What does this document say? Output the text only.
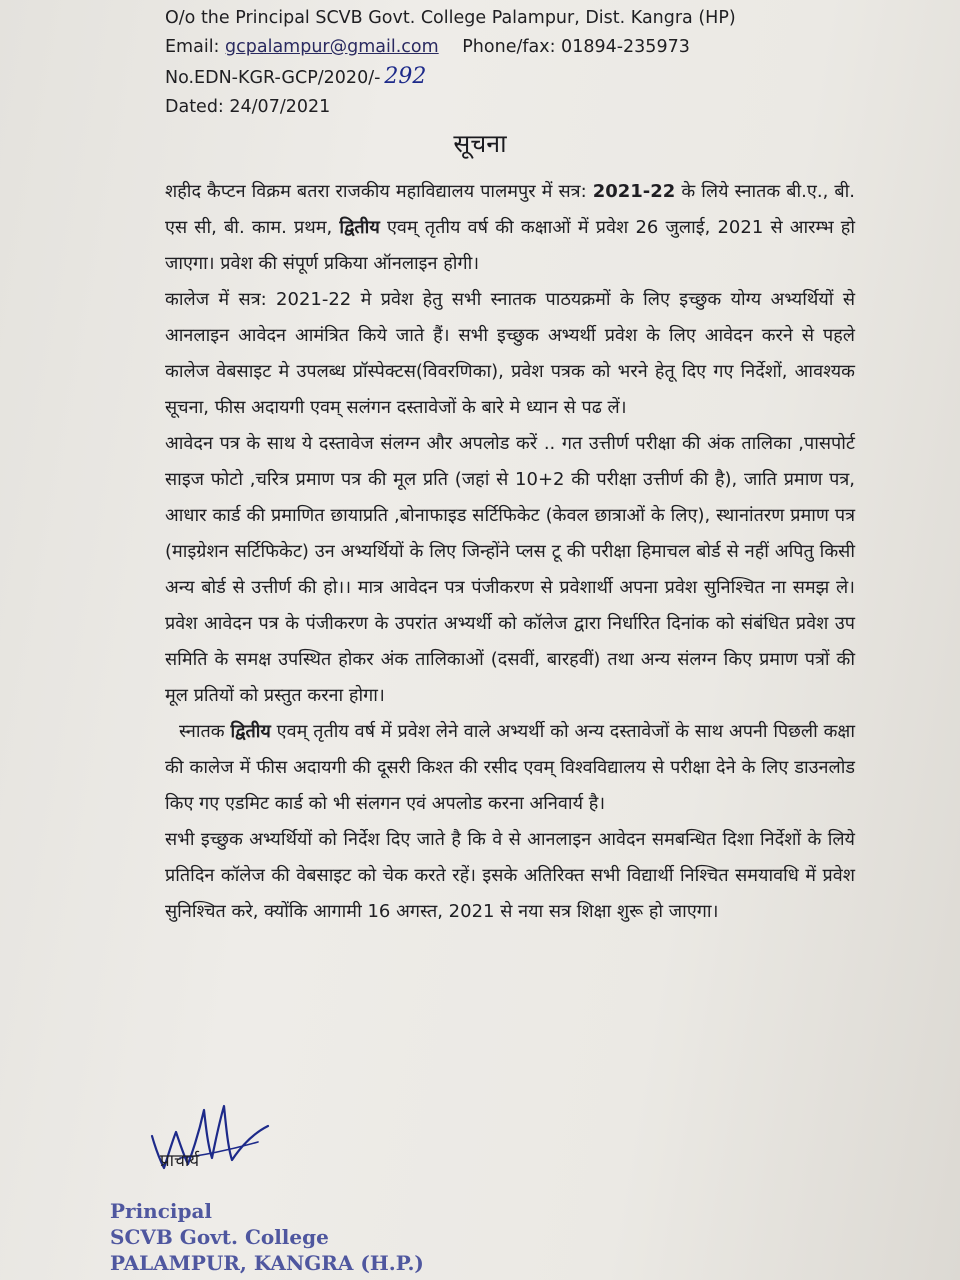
O/o the Principal SCVB Govt. College Palampur, Dist. Kangra (HP)
Email: gcpalampur@gmail.com Phone/fax: 01894-235973
No.EDN-KGR-GCP/2020/- 292
Dated: 24/07/2021
सूचना

शहीद कैप्टन विक्रम बतरा राजकीय महाविद्यालय पालमपुर में सत्र: 2021-22 के लिये स्नातक बी.ए., बी. एस सी, बी. काम. प्रथम, द्वितीय एवम् तृतीय वर्ष की कक्षाओं में प्रवेश 26 जुलाई, 2021 से आरम्भ हो जाएगा। प्रवेश की संपूर्ण प्रकिया ऑनलाइन होगी।

कालेज में सत्र: 2021-22 मे प्रवेश हेतु सभी स्नातक पाठयक्रमों के लिए इच्छुक योग्य अभ्यर्थियों से आनलाइन आवेदन आमंत्रित किये जाते हैं। सभी इच्छुक अभ्यर्थी प्रवेश के लिए आवेदन करने से पहले कालेज वेबसाइट मे उपलब्ध प्रॉस्पेक्टस(विवरणिका), प्रवेश पत्रक को भरने हेतू दिए गए निर्देशों, आवश्यक सूचना, फीस अदायगी एवम् सलंगन दस्तावेजों के बारे मे ध्यान से पढ लें।

आवेदन पत्र के साथ ये दस्तावेज संलग्न और अपलोड करें .. गत उत्तीर्ण परीक्षा की अंक तालिका ,पासपोर्ट साइज फोटो ,चरित्र प्रमाण पत्र की मूल प्रति (जहां से 10+2 की परीक्षा उत्तीर्ण की है), जाति प्रमाण पत्र, आधार कार्ड की प्रमाणित छायाप्रति ,बोनाफाइड सर्टिफिकेट (केवल छात्राओं के लिए), स्थानांतरण प्रमाण पत्र (माइग्रेशन सर्टिफिकेट) उन अभ्यर्थियों के लिए जिन्होंने प्लस टू की परीक्षा हिमाचल बोर्ड से नहीं अपितु किसी अन्य बोर्ड से उत्तीर्ण की हो।। मात्र आवेदन पत्र पंजीकरण से प्रवेशार्थी अपना प्रवेश सुनिश्चित ना समझ ले। प्रवेश आवेदन पत्र के पंजीकरण के उपरांत अभ्यर्थी को कॉलेज द्वारा निर्धारित दिनांक को संबंधित प्रवेश उप समिति के समक्ष उपस्थित होकर अंक तालिकाओं (दसवीं, बारहवीं) तथा अन्य संलग्न किए प्रमाण पत्रों की मूल प्रतियों को प्रस्तुत करना होगा।

स्नातक द्वितीय एवम् तृतीय वर्ष में प्रवेश लेने वाले अभ्यर्थी को अन्य दस्तावेजों के साथ अपनी पिछली कक्षा की कालेज में फीस अदायगी की दूसरी किश्त की रसीद एवम् विश्वविद्यालय से परीक्षा देने के लिए डाउनलोड किए गए एडमिट कार्ड को भी संलगन एवं अपलोड करना अनिवार्य है।

सभी इच्छुक अभ्यर्थियों को निर्देश दिए जाते है कि वे से आनलाइन आवेदन समबन्धित दिशा निर्देशों के लिये प्रतिदिन कॉलेज की वेबसाइट को चेक करते रहें। इसके अतिरिक्त सभी विद्यार्थी निश्चित समयावधि में प्रवेश सुनिश्चित करे, क्योंकि आगामी 16 अगस्त, 2021 से नया सत्र शिक्षा शुरू हो जाएगा।

प्राचार्य
Principal
SCVB Govt. College
PALAMPUR, KANGRA (H.P.)
